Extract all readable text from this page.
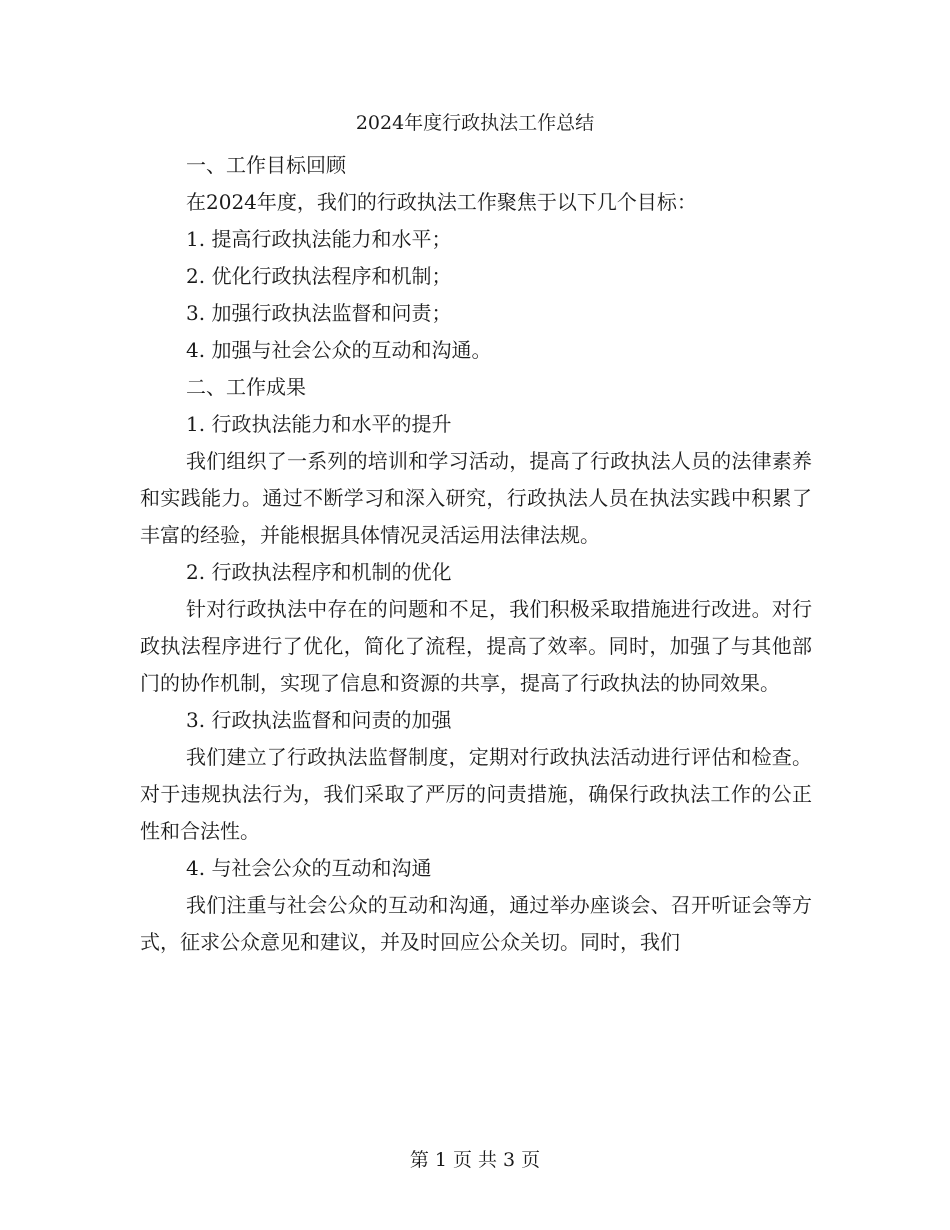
2024年度行政执法工作总结

一、工作目标回顾

在2024年度，我们的行政执法工作聚焦于以下几个目标：

1. 提高行政执法能力和水平；

2. 优化行政执法程序和机制；

3. 加强行政执法监督和问责；

4. 加强与社会公众的互动和沟通。

二、工作成果

1. 行政执法能力和水平的提升

我们组织了一系列的培训和学习活动，提高了行政执法人员的法律素养和实践能力。通过不断学习和深入研究，行政执法人员在执法实践中积累了丰富的经验，并能根据具体情况灵活运用法律法规。

2. 行政执法程序和机制的优化

针对行政执法中存在的问题和不足，我们积极采取措施进行改进。对行政执法程序进行了优化，简化了流程，提高了效率。同时，加强了与其他部门的协作机制，实现了信息和资源的共享，提高了行政执法的协同效果。

3. 行政执法监督和问责的加强

我们建立了行政执法监督制度，定期对行政执法活动进行评估和检查。对于违规执法行为，我们采取了严厉的问责措施，确保行政执法工作的公正性和合法性。

4. 与社会公众的互动和沟通

我们注重与社会公众的互动和沟通，通过举办座谈会、召开听证会等方式，征求公众意见和建议，并及时回应公众关切。同时，我们

第 1 页 共 3 页
